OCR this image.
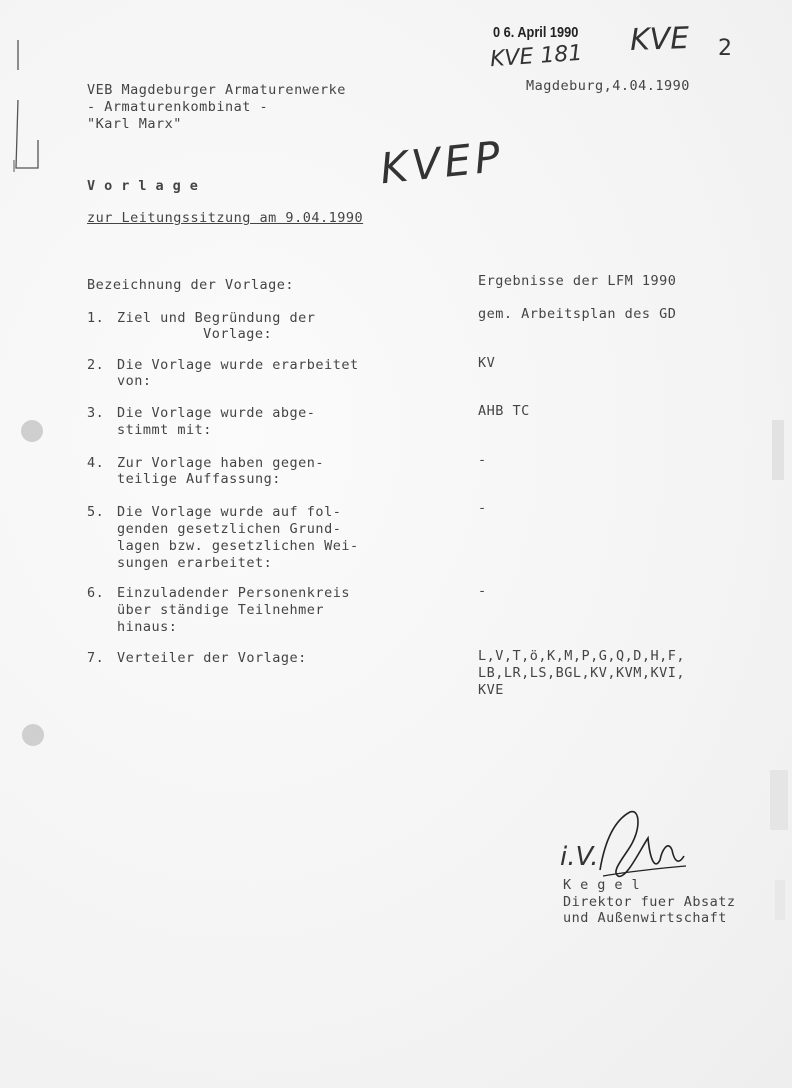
0 6. April 1990
KVE 181 KVE 2
KVEP
VEB Magdeburger Armaturenwerke
- Armaturenkombinat -
"Karl Marx"
Magdeburg,4.04.1990
Vorlage
zur Leitungssitzung am 9.04.1990
Bezeichnung der Vorlage:	Ergebnisse der LFM 1990
1. Ziel und Begründung der
Vorlage:
gem. Arbeitsplan des GD
2. Die Vorlage wurde erarbeitet
von:
KV
3. Die Vorlage wurde abge-
stimmt mit:
AHB TC
4. Zur Vorlage haben gegen-
teilige Auffassung:
-
5. Die Vorlage wurde auf fol-
genden gesetzlichen Grund-
lagen bzw. gesetzlichen Wei-
sungen erarbeitet:
-
6. Einzuladender Personenkreis
über ständige Teilnehmer
hinaus:
-
7. Verteiler der Vorlage:	L,V,T,ö,K,M,P,G,Q,D,H,F,
LB,LR,LS,BGL,KV,KVM,KVI,
KVE
i.V.
Kegel
Direktor fuer Absatz
und Außenwirtschaft
